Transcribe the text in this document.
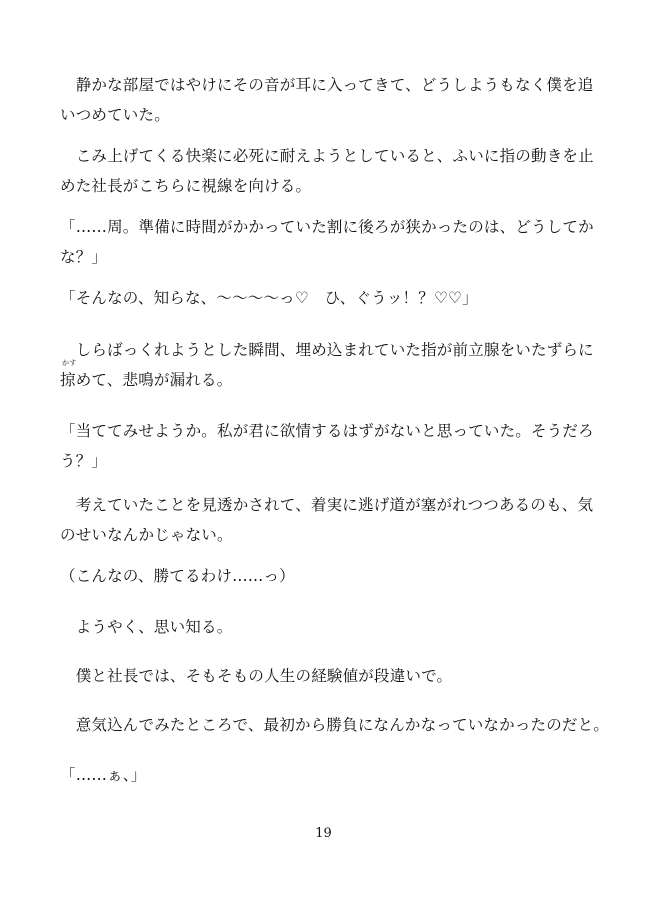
　静かな部屋ではやけにその音が耳に入ってきて、どうしようもなく僕を追
いつめていた。
　こみ上げてくる快楽に必死に耐えようとしていると、ふいに指の動きを止
めた社長がこちらに視線を向ける。
「……周。準備に時間がかかっていた割に後ろが狭かったのは、どうしてか
な？」
「そんなの、知らな、〜〜〜〜っ♡　ひ、ぐうッ！？♡♡」
　しらばっくれようとした瞬間、埋め込まれていた指が前立腺をいたずらに
かす
掠めて、悲鳴が漏れる。
「当ててみせようか。私が君に欲情するはずがないと思っていた。そうだろ
う？」
　考えていたことを見透かされて、着実に逃げ道が塞がれつつあるのも、気
のせいなんかじゃない。
（こんなの、勝てるわけ……っ）
　ようやく、思い知る。
　僕と社長では、そもそもの人生の経験値が段違いで。
　意気込んでみたところで、最初から勝負になんかなっていなかったのだと。
「……ぁ、」
19
